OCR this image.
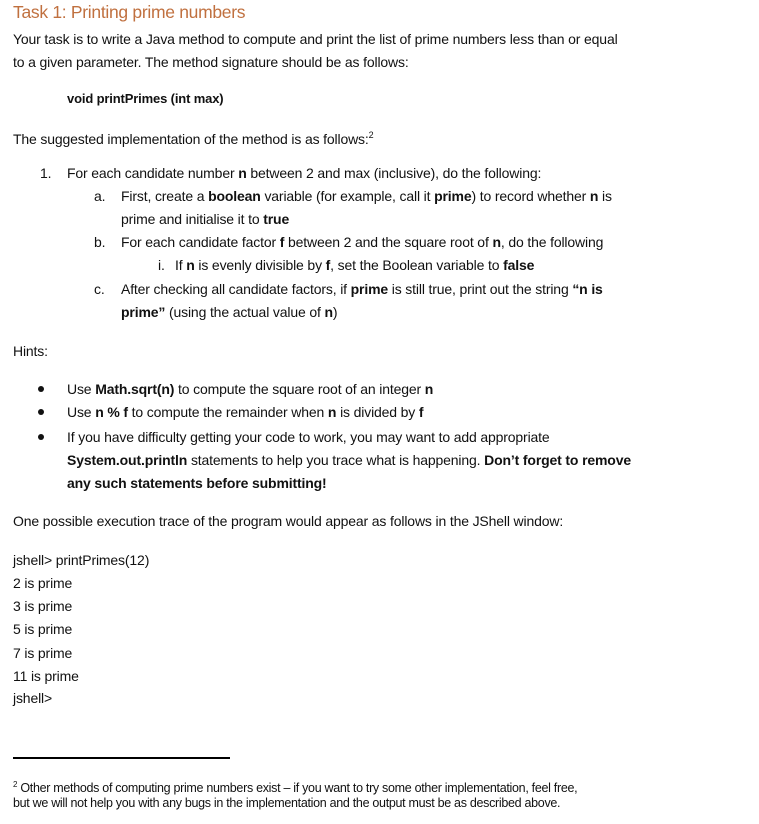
Task 1: Printing prime numbers
Your task is to write a Java method to compute and print the list of prime numbers less than or equal
to a given parameter. The method signature should be as follows:
void printPrimes (int max)
The suggested implementation of the method is as follows:$^2$
1. For each candidate number n between 2 and max (inclusive), do the following:
a. First, create a boolean variable (for example, call it prime) to record whether n is
prime and initialise it to true
b. For each candidate factor f between 2 and the square root of n, do the following
i. If n is evenly divisible by f, set the Boolean variable to false
c. After checking all candidate factors, if prime is still true, print out the string “n is
prime” (using the actual value of n)
Hints:
Use Math.sqrt(n) to compute the square root of an integer n
Use n % f to compute the remainder when n is divided by f
If you have difficulty getting your code to work, you may want to add appropriate
System.out.println statements to help you trace what is happening. Don’t forget to remove
any such statements before submitting!
One possible execution trace of the program would appear as follows in the JShell window:
jshell> printPrimes(12)
2 is prime
3 is prime
5 is prime
7 is prime
11 is prime
jshell>
$^2$ Other methods of computing prime numbers exist – if you want to try some other implementation, feel free,
but we will not help you with any bugs in the implementation and the output must be as described above.
